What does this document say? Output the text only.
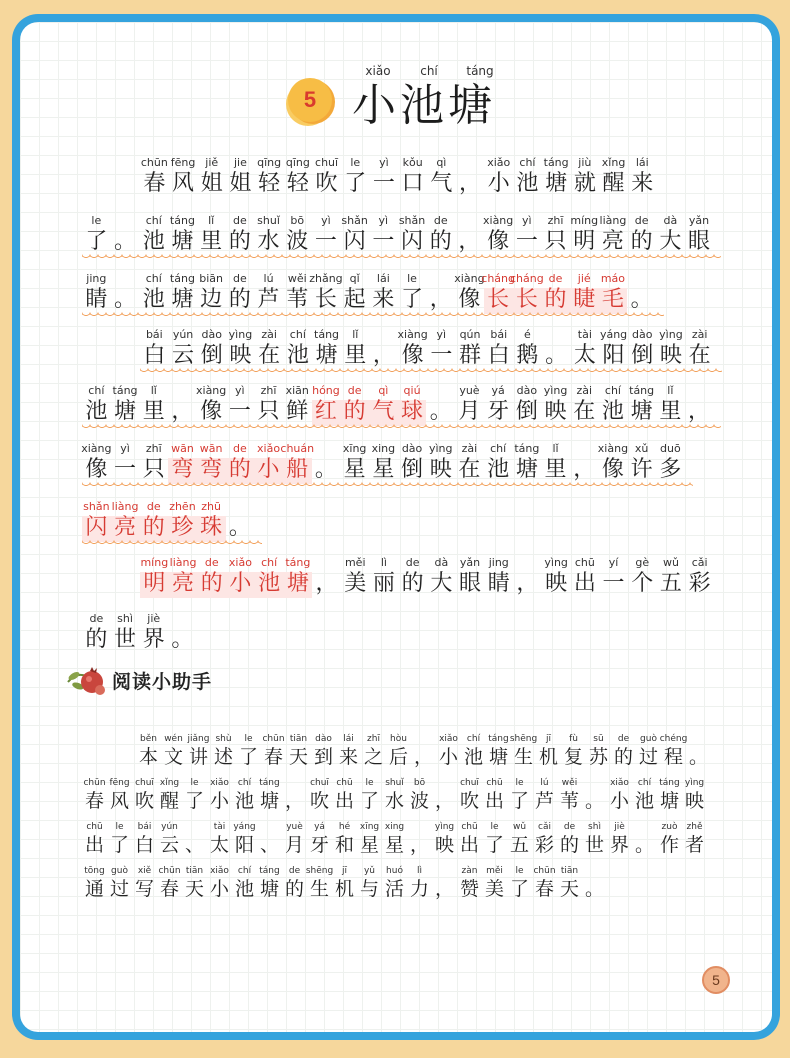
5
xiǎo	chí	táng
小池塘
chūn
春
fēng
风
jiě
姐
jie
姐
qīng
轻
qīng
轻
chuī
吹
le
了
yì
一
kǒu
口
qì
气 ，
xiǎo
小
chí
池
táng
塘
jiù
就
xǐng
醒
lái
来
le
了 。
chí
池
táng
塘
lǐ
里
de
的
shuǐ
水
bō
波
yì
一
shǎn
闪
yì
一
shǎn
闪
de
的 ，
xiàng
像
yì
一
zhī
只
míng
明
liàng
亮
de
的
dà
大
yǎn
眼
jing
睛 。
chí
池
táng
塘
biān
边
de
的
lú
芦
wěi
苇
zhǎng
长
qǐ
起
lái
来
le
了 ，
xiàng
像
cháng
长
cháng
长
de
的
jié
睫
máo
毛 。
bái
白
yún
云
dào
倒
yìng
映
zài
在
chí
池
táng
塘
lǐ
里 ，
xiàng
像
yì
一
qún
群
bái
白
é
鹅 。
tài
太
yáng
阳
dào
倒
yìng
映
zài
在
chí
池
táng
塘
lǐ
里 ，
xiàng
像
yì
一
zhī
只
xiān
鲜
hóng
红
de
的
qì
气
qiú
球 。
yuè
月
yá
牙
dào
倒
yìng
映
zài
在
chí
池
táng
塘
lǐ
里 ，
xiàng
像
yì
一
zhī
只
wān
弯
wān
弯
de
的
xiǎo
小
chuán
船 。
xīng
星
xing
星
dào
倒
yìng
映
zài
在
chí
池
táng
塘
lǐ
里 ，
xiàng
像
xǔ
许
duō
多
shǎn
闪
liàng
亮
de
的
zhēn
珍
zhū
珠 。
míng
明
liàng
亮
de
的
xiǎo
小
chí
池
táng
塘 ，
měi
美
lì
丽
de
的
dà
大
yǎn
眼
jing
睛 ，
yìng
映
chū
出
yí
一
gè
个
wǔ
五
cǎi
彩
de
的
shì
世
jiè
界 。
阅读小助手
běn
本
wén
文
jiǎng
讲
shù
述
le
了
chūn
春
tiān
天
dào
到
lái
来
zhī
之
hòu
后 ，
xiǎo
小
chí
池
táng
塘
shēng
生
jī
机
fù
复
sū
苏
de
的
guò
过
chéng
程 。
chūn
春
fēng
风
chuī
吹
xǐng
醒
le
了
xiǎo
小
chí
池
táng
塘 ，
chuī
吹
chū
出
le
了
shuǐ
水
bō
波 ，
chuī
吹
chū
出
le
了
lú
芦
wěi
苇 。
xiǎo
小
chí
池
táng
塘
yìng
映
chū
出
le
了
bái
白
yún
云 、
tài
太
yáng
阳 、
yuè
月
yá
牙
hé
和
xīng
星
xing
星 ，
yìng
映
chū
出
le
了
wǔ
五
cǎi
彩
de
的
shì
世
jiè
界 。
zuò
作
zhě
者
tōng
通
guò
过
xiě
写
chūn
春
tiān
天
xiǎo
小
chí
池
táng
塘
de
的
shēng
生
jī
机
yǔ
与
huó
活
lì
力 ，
zàn
赞
měi
美
le
了
chūn
春
tiān
天 。
5
